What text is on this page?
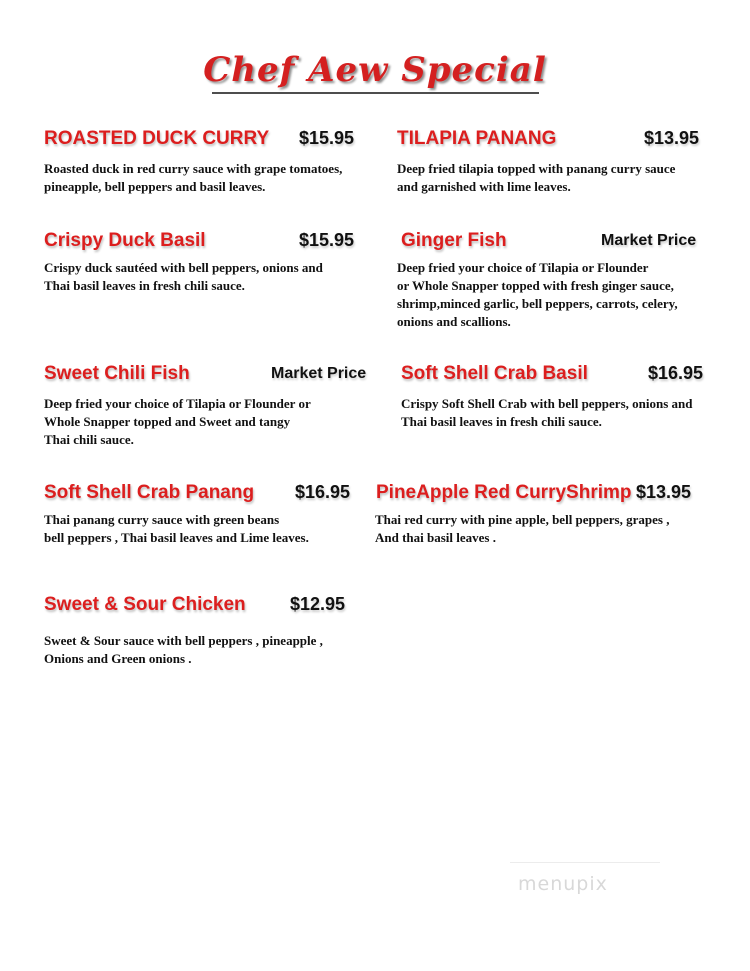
Chef Aew Special
ROASTED DUCK CURRY $15.95
Roasted duck in red curry sauce with grape tomatoes,
pineapple, bell peppers and basil leaves.
TILAPIA PANANG	$13.95
Deep fried tilapia topped with panang curry sauce
and garnished with lime leaves.
Crispy Duck Basil	$15.95
Crispy duck sautéed with bell peppers, onions and
Thai basil leaves in fresh chili sauce.
Ginger Fish	Market Price
Deep fried your choice of Tilapia or Flounder
or Whole Snapper topped with fresh ginger sauce,
shrimp,minced garlic, bell peppers, carrots, celery,
onions and scallions.
Sweet Chili Fish	Market Price
Deep fried your choice of Tilapia or Flounder or
Whole Snapper topped and Sweet and tangy
Thai chili sauce.
Soft Shell Crab Basil	$16.95
Crispy Soft Shell Crab with bell peppers, onions and
Thai basil leaves in fresh chili sauce.
Soft Shell Crab Panang $16.95
Thai panang curry sauce with green beans
bell peppers , Thai basil leaves and Lime leaves.
PineApple Red CurryShrimp $13.95
Thai red curry with pine apple, bell peppers, grapes ,
And thai basil leaves .
Sweet & Sour Chicken $12.95
Sweet & Sour sauce with bell peppers , pineapple ,
Onions and Green onions .
menupix
